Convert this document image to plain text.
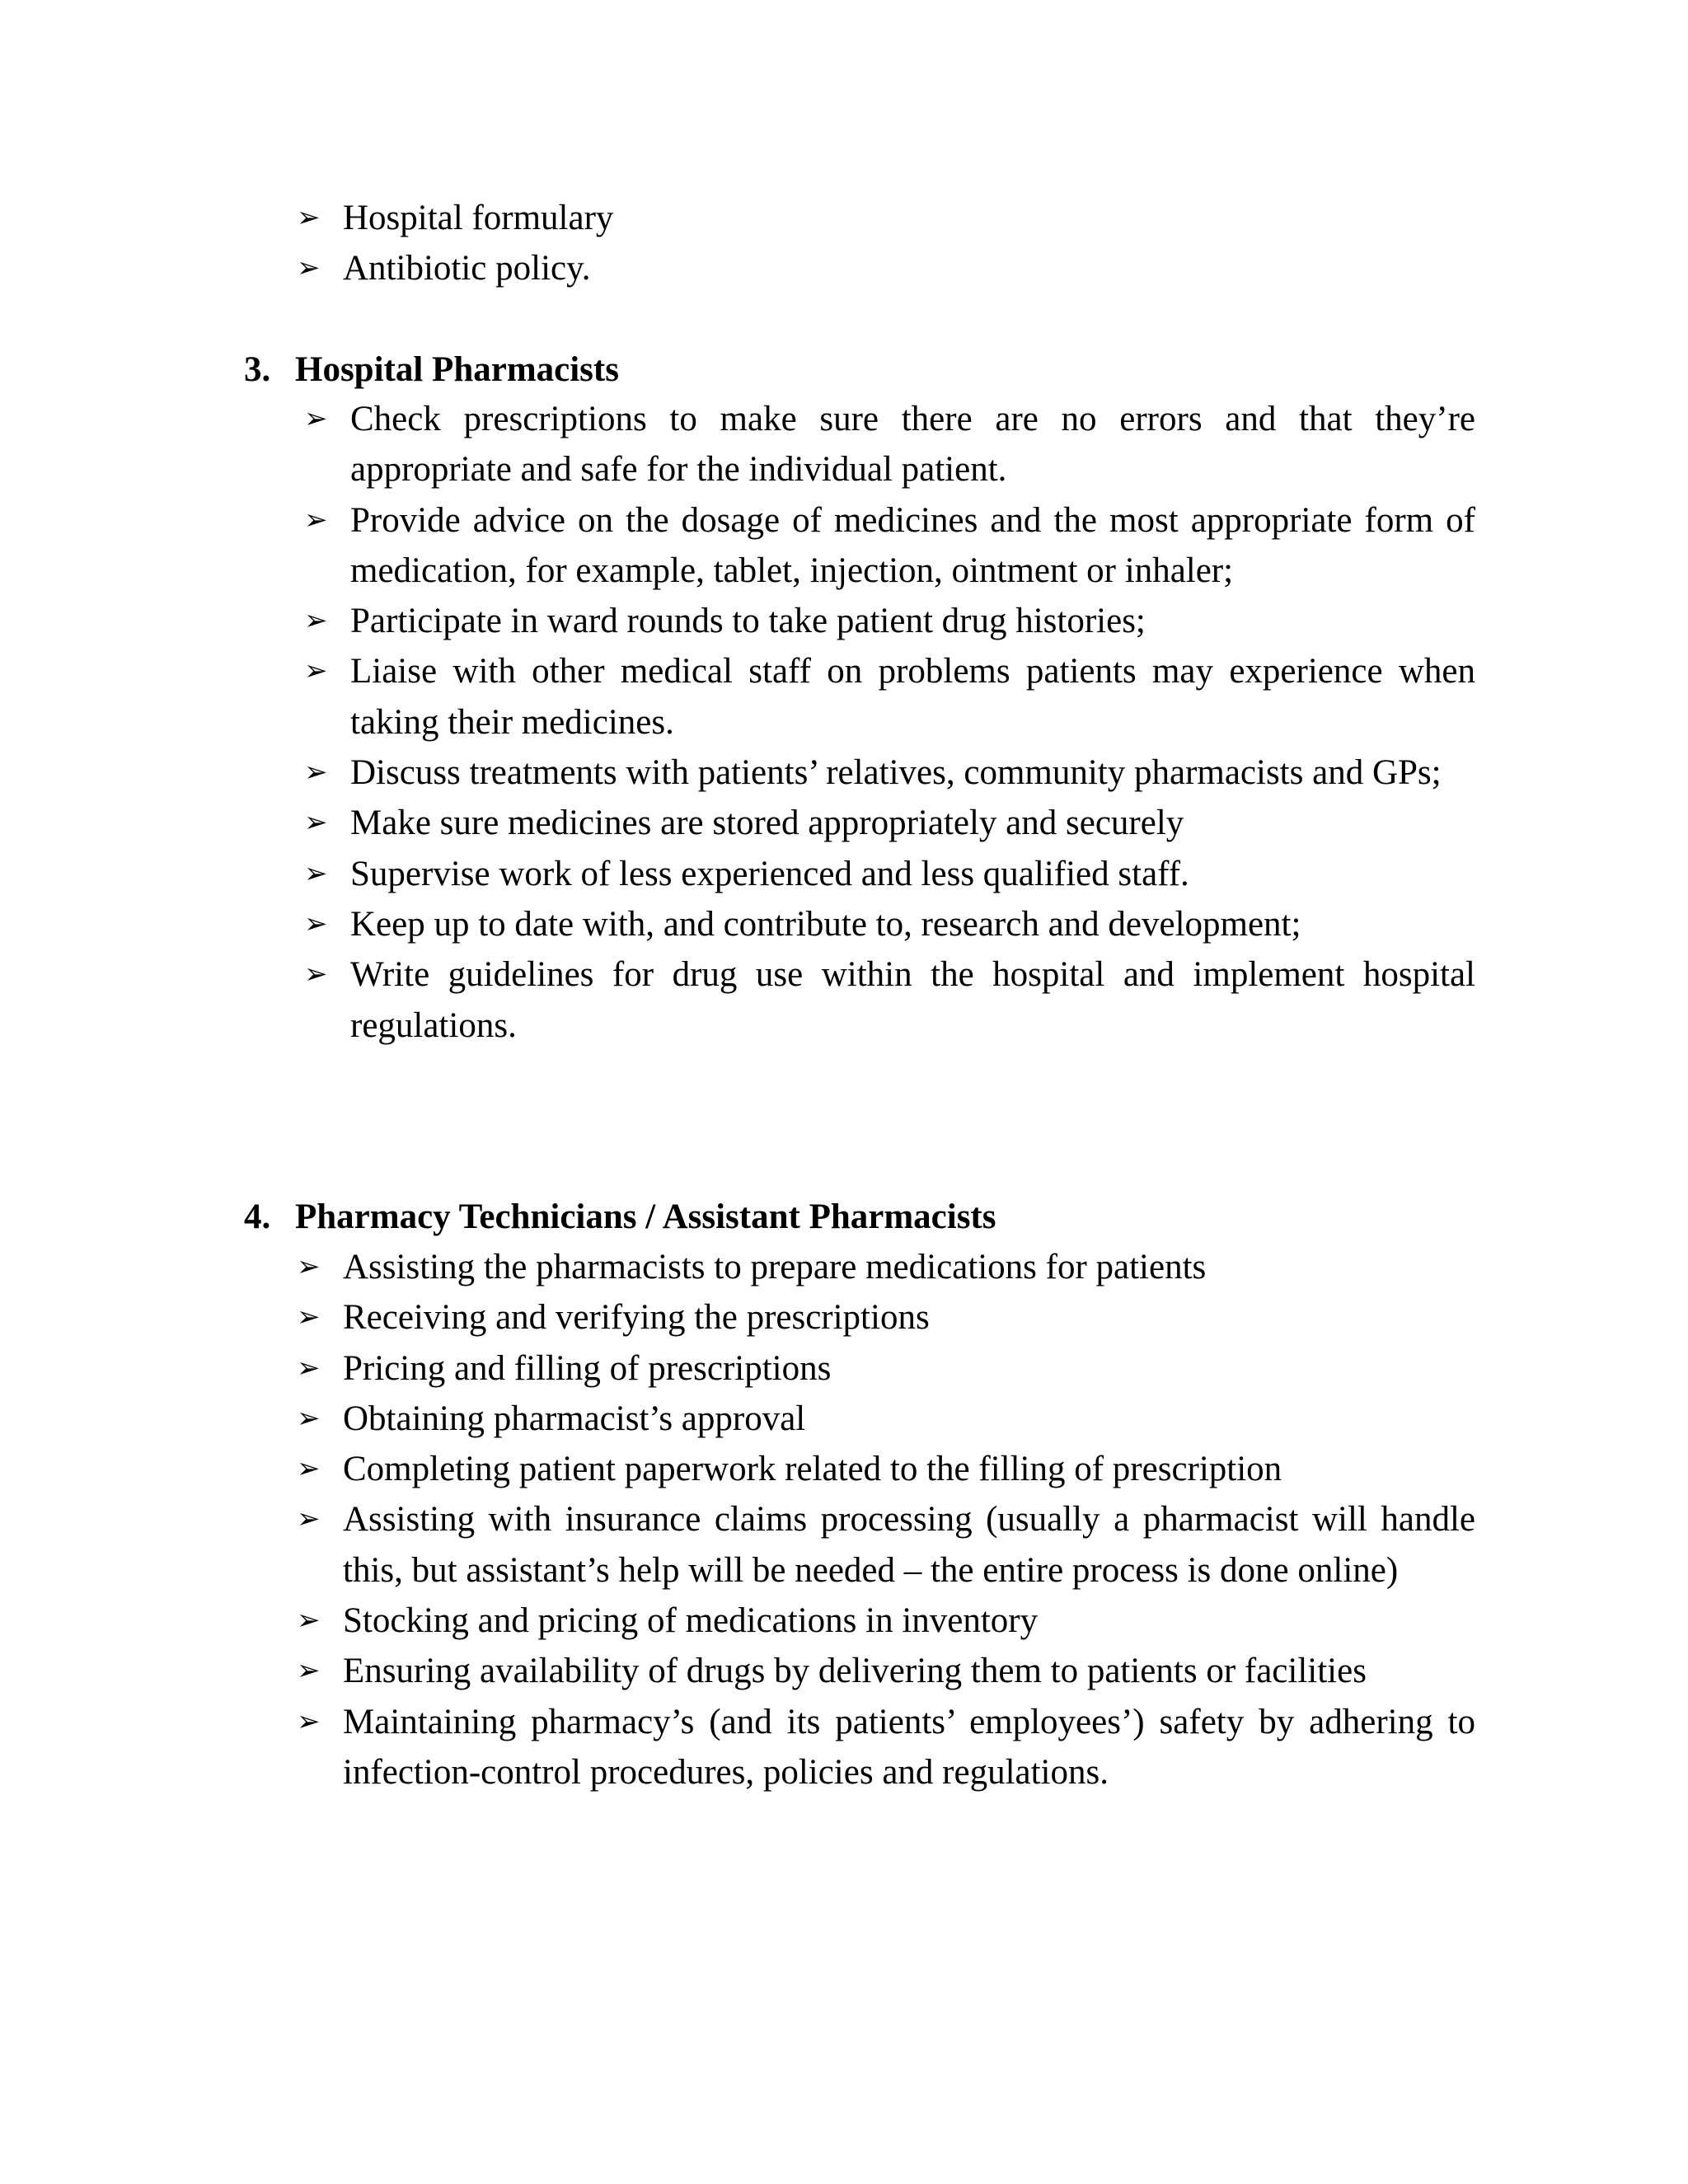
➢ Hospital formulary
➢ Antibiotic policy.
3. Hospital Pharmacists
➢ Check prescriptions to make sure there are no errors and that they’re appropriate and safe for the individual patient.
➢ Provide advice on the dosage of medicines and the most appropriate form of medication, for example, tablet, injection, ointment or inhaler;
➢ Participate in ward rounds to take patient drug histories;
➢ Liaise with other medical staff on problems patients may experience when taking their medicines.
➢ Discuss treatments with patients’ relatives, community pharmacists and GPs;
➢ Make sure medicines are stored appropriately and securely
➢ Supervise work of less experienced and less qualified staff.
➢ Keep up to date with, and contribute to, research and development;
➢ Write guidelines for drug use within the hospital and implement hospital regulations.
4. Pharmacy Technicians / Assistant Pharmacists
➢ Assisting the pharmacists to prepare medications for patients
➢ Receiving and verifying the prescriptions
➢ Pricing and filling of prescriptions
➢ Obtaining pharmacist’s approval
➢ Completing patient paperwork related to the filling of prescription
➢ Assisting with insurance claims processing (usually a pharmacist will handle this, but assistant’s help will be needed – the entire process is done online)
➢ Stocking and pricing of medications in inventory
➢ Ensuring availability of drugs by delivering them to patients or facilities
➢ Maintaining pharmacy’s (and its patients’ employees’) safety by adhering to infection-control procedures, policies and regulations.
